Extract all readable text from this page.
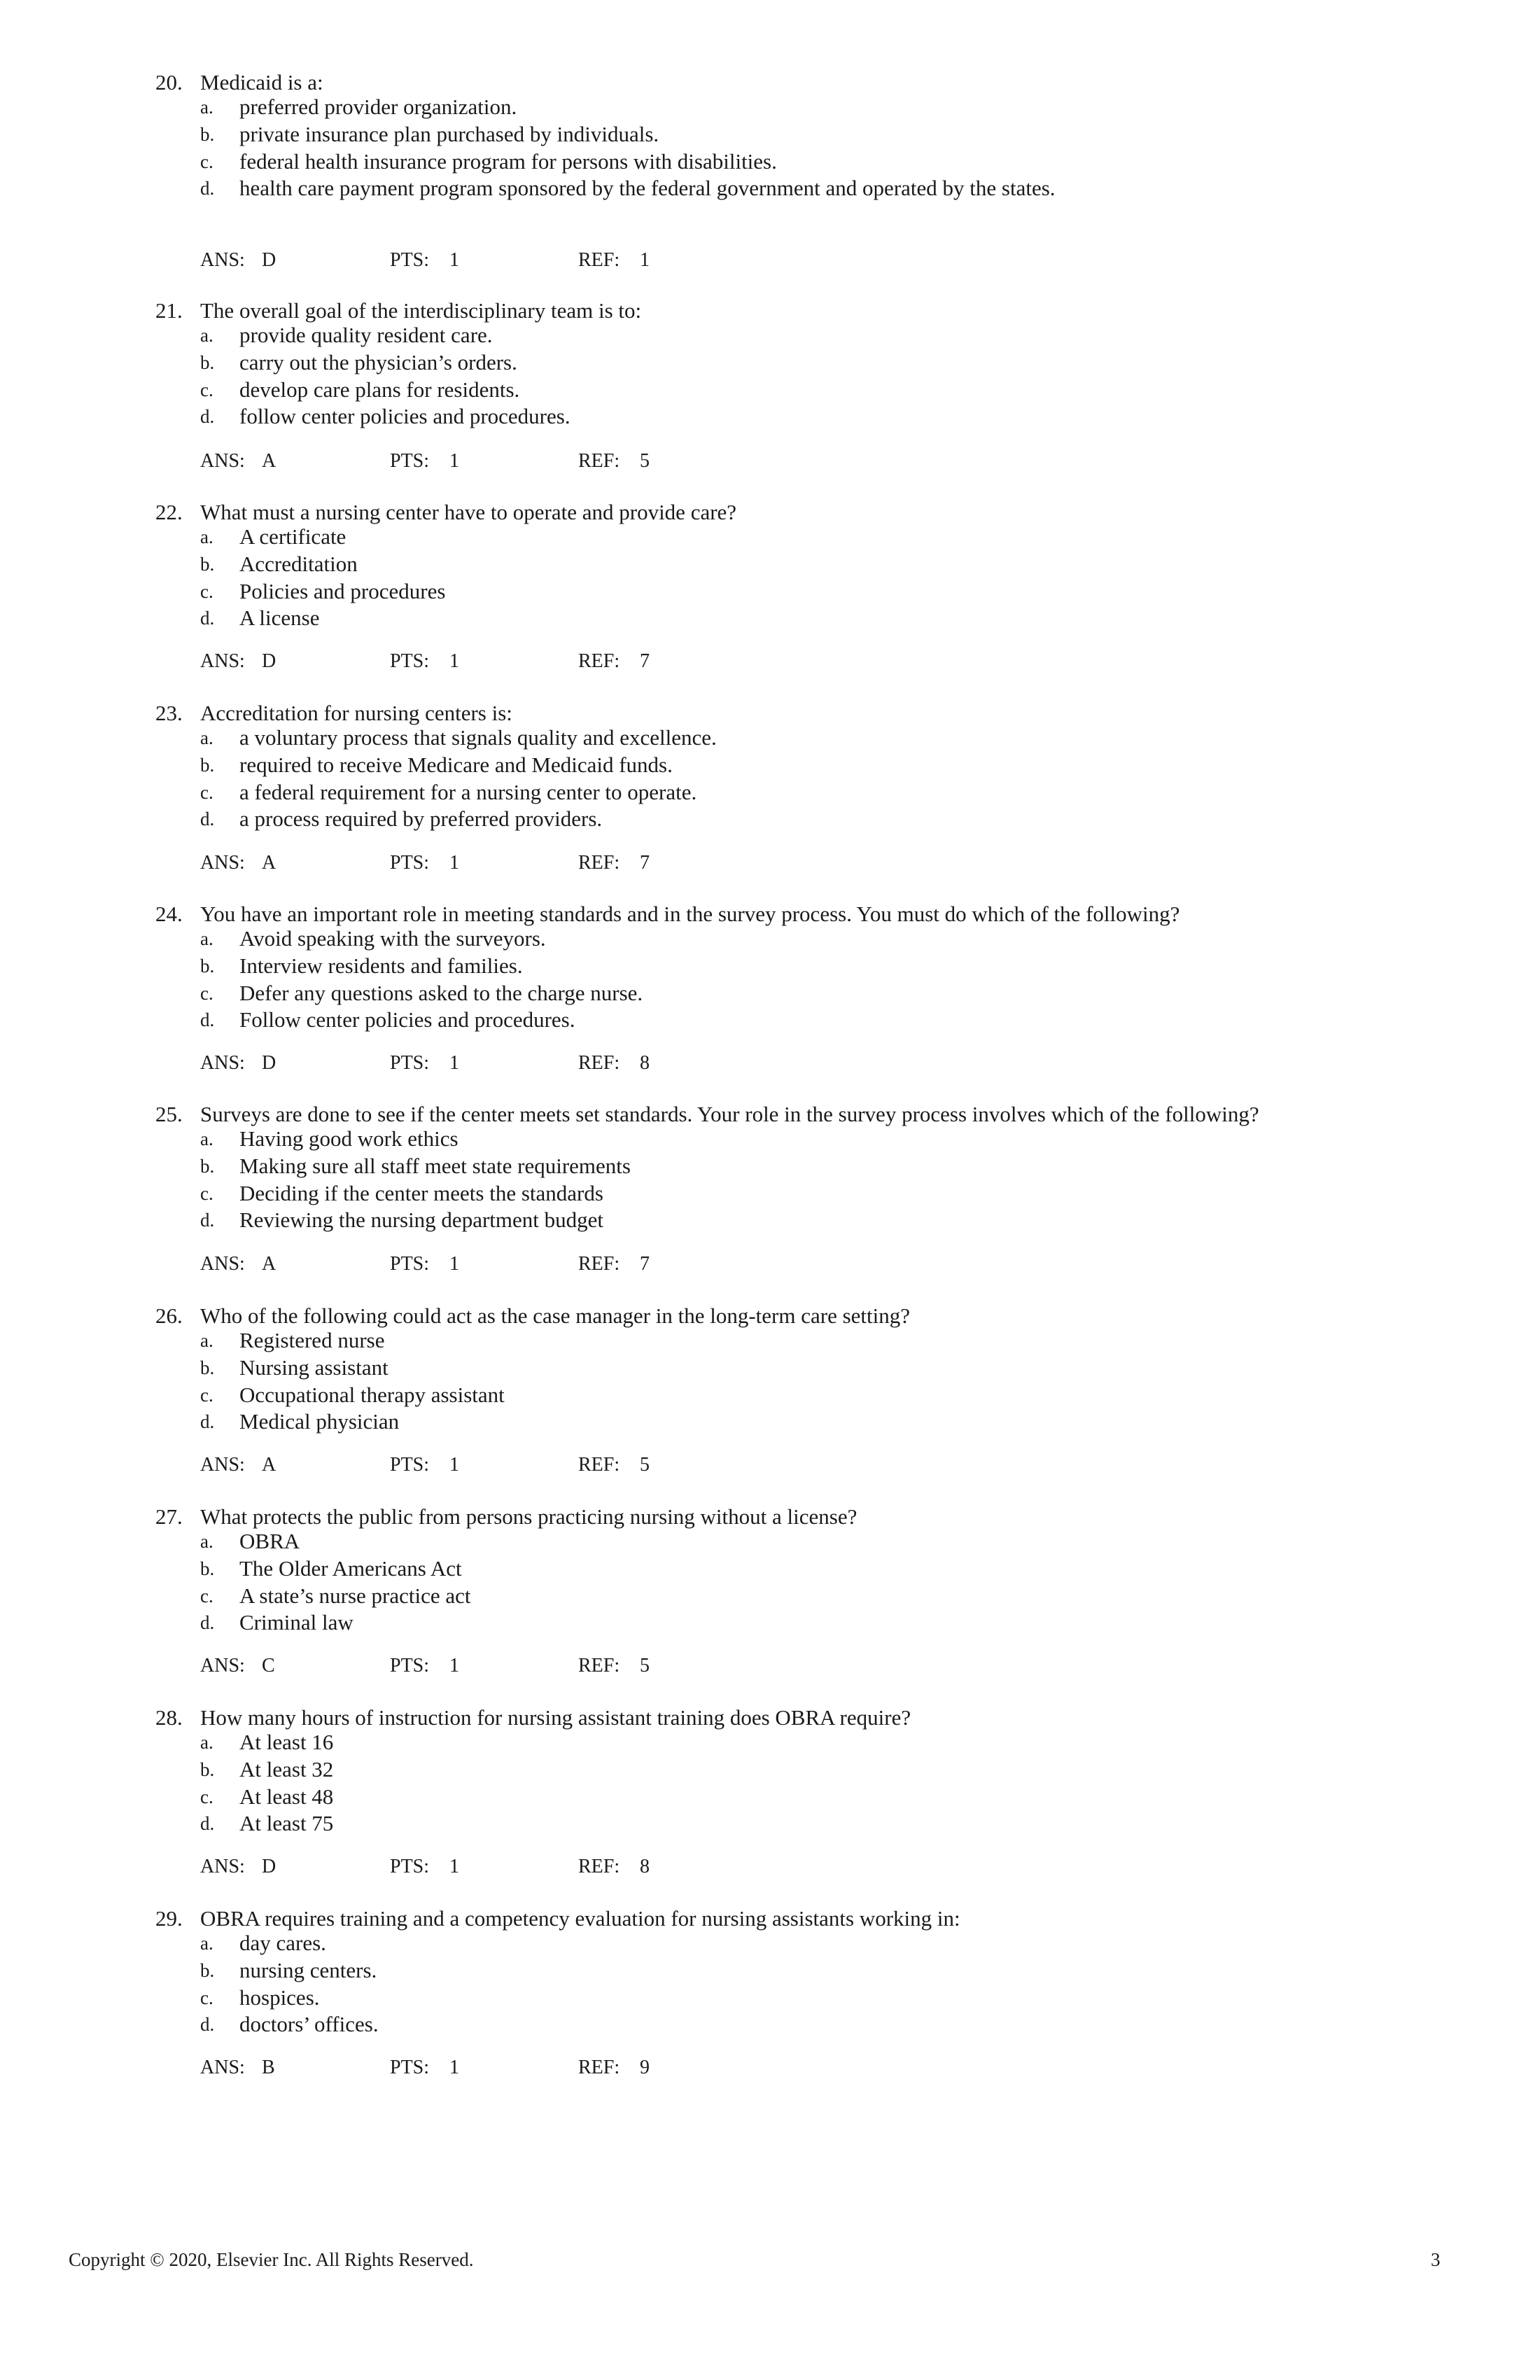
20. Medicaid is a:
a.	preferred provider organization.
b.	private insurance plan purchased by individuals.
c.	federal health insurance program for persons with disabilities.
d.	health care payment program sponsored by the federal government and operated by the states.
ANS: D	PTS: 1	REF: 1
21. The overall goal of the interdisciplinary team is to:
a.	provide quality resident care.
b.	carry out the physician’s orders.
c.	develop care plans for residents.
d.	follow center policies and procedures.
ANS: A	PTS: 1	REF: 5
22. What must a nursing center have to operate and provide care?
a.	A certificate
b.	Accreditation
c.	Policies and procedures
d.	A license
ANS: D	PTS: 1	REF: 7
23. Accreditation for nursing centers is:
a.	a voluntary process that signals quality and excellence.
b.	required to receive Medicare and Medicaid funds.
c.	a federal requirement for a nursing center to operate.
d.	a process required by preferred providers.
ANS: A	PTS: 1	REF: 7
24. You have an important role in meeting standards and in the survey process. You must do which of the following?
a.	Avoid speaking with the surveyors.
b.	Interview residents and families.
c.	Defer any questions asked to the charge nurse.
d.	Follow center policies and procedures.
ANS: D	PTS: 1	REF: 8
25. Surveys are done to see if the center meets set standards. Your role in the survey process involves which of the following?
a.	Having good work ethics
b.	Making sure all staff meet state requirements
c.	Deciding if the center meets the standards
d.	Reviewing the nursing department budget
ANS: A	PTS: 1	REF: 7
26. Who of the following could act as the case manager in the long-term care setting?
a.	Registered nurse
b.	Nursing assistant
c.	Occupational therapy assistant
d.	Medical physician
ANS: A	PTS: 1	REF: 5
27. What protects the public from persons practicing nursing without a license?
a.	OBRA
b.	The Older Americans Act
c.	A state’s nurse practice act
d.	Criminal law
ANS: C	PTS: 1	REF: 5
28. How many hours of instruction for nursing assistant training does OBRA require?
a.	At least 16
b.	At least 32
c.	At least 48
d.	At least 75
ANS: D	PTS: 1	REF: 8
29. OBRA requires training and a competency evaluation for nursing assistants working in:
a.	day cares.
b.	nursing centers.
c.	hospices.
d.	doctors’ offices.
ANS: B	PTS: 1	REF: 9
Copyright © 2020, Elsevier Inc. All Rights Reserved.	3
